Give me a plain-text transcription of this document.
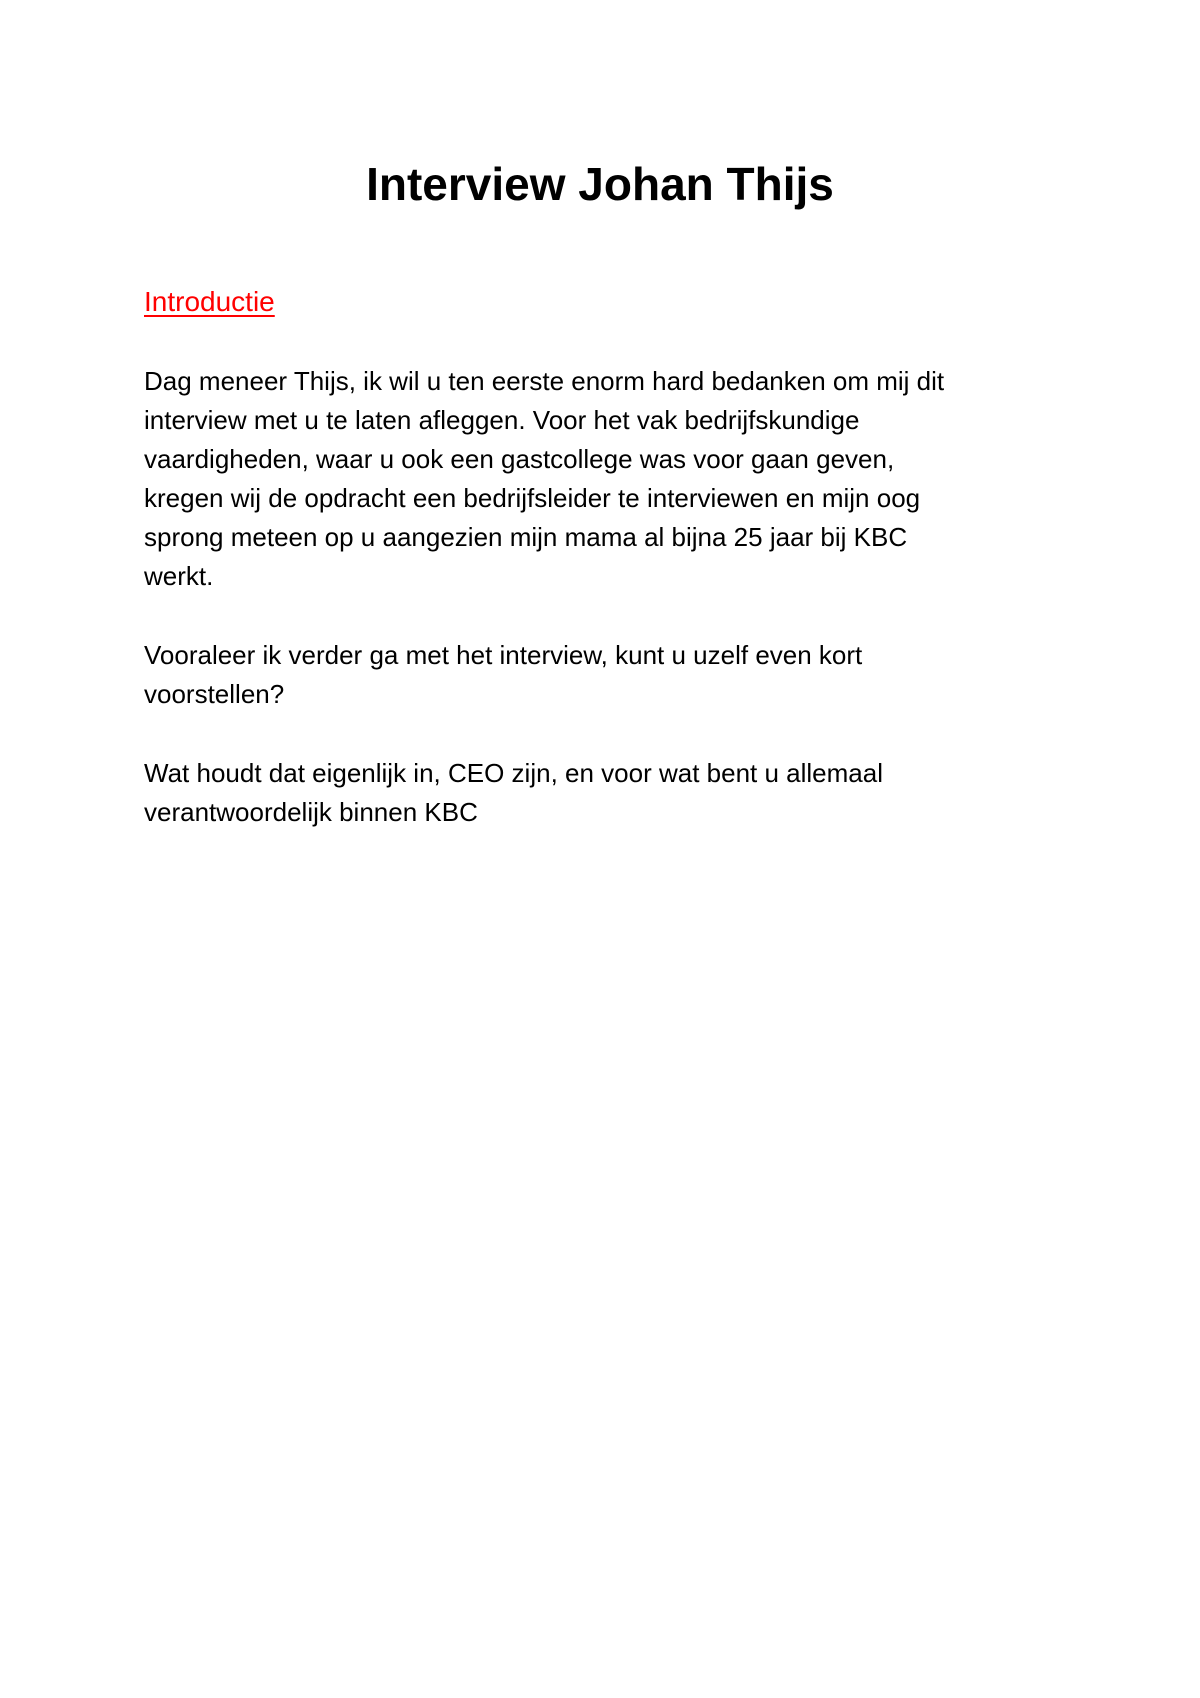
Interview Johan Thijs
Introductie

Dag meneer Thijs, ik wil u ten eerste enorm hard bedanken om mij dit
interview met u te laten afleggen. Voor het vak bedrijfskundige
vaardigheden, waar u ook een gastcollege was voor gaan geven,
kregen wij de opdracht een bedrijfsleider te interviewen en mijn oog
sprong meteen op u aangezien mijn mama al bijna 25 jaar bij KBC
werkt.

Vooraleer ik verder ga met het interview, kunt u uzelf even kort
voorstellen?

Wat houdt dat eigenlijk in, CEO zijn, en voor wat bent u allemaal
verantwoordelijk binnen KBC
